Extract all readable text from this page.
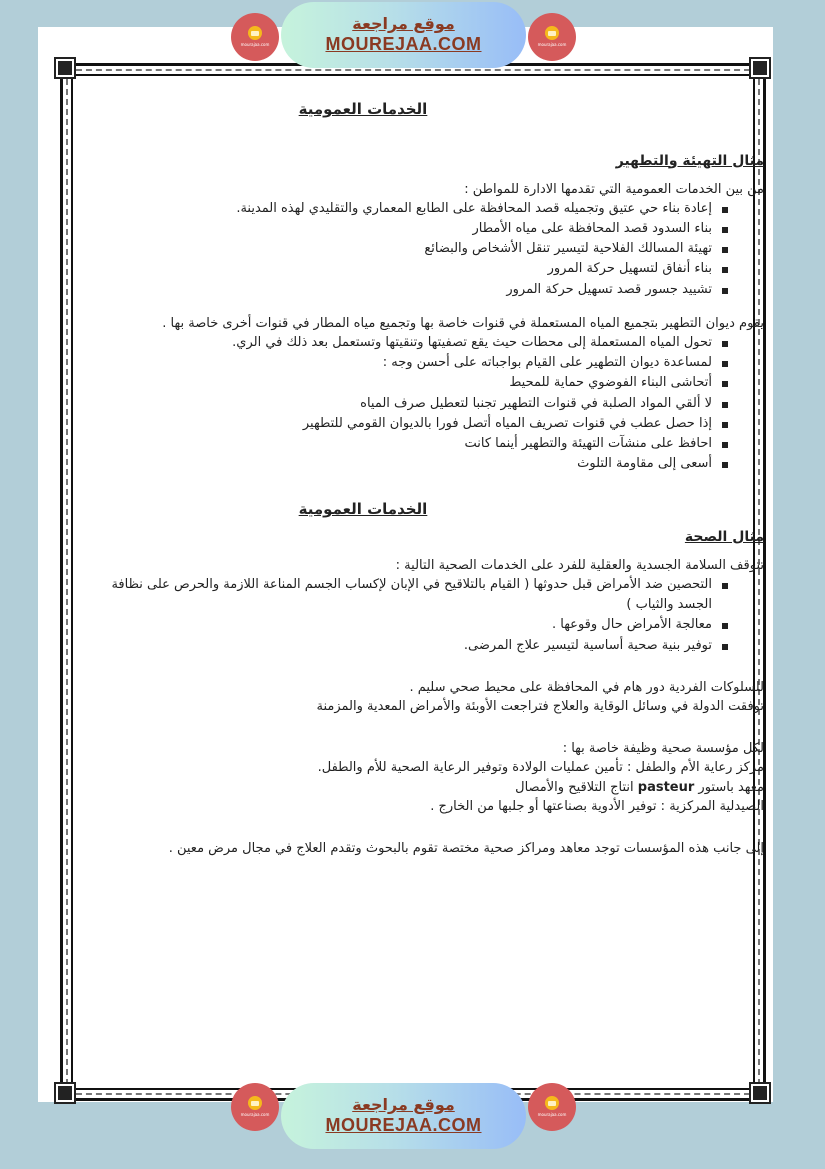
mourajaa.com
موقع مراجعة
MOUREJAA.COM	mourajaa.com
الخدمات العمومية
مثال التهيئة والتطهير

من بين الخدمات العمومية التي تقدمها الادارة للمواطن :

إعادة بناء حي عتيق وتجميله قصد المحافظة على الطابع المعماري والتقليدي لهذه المدينة.
بناء السدود قصد المحافظة على مياه الأمطار
تهيئة المسالك الفلاحية لتيسير تنقل الأشخاص والبضائع
بناء أنفاق لتسهيل حركة المرور
تشييد جسور قصد تسهيل حركة المرور

يقوم ديوان التطهير بتجميع المياه المستعملة في قنوات خاصة بها وتجميع مياه المطار في قنوات أخرى خاصة بها .

تحول المياه المستعملة إلى محطات حيث يقع تصفيتها وتنقيتها وتستعمل بعد ذلك في الري.
لمساعدة ديوان التطهير على القيام بواجباته على أحسن وجه :
أتحاشى البناء الفوضوي حماية للمحيط
لا ألقي المواد الصلبة في قنوات التطهير تجنبا لتعطيل صرف المياه
إذا حصل عطب في قنوات تصريف المياه أتصل فورا بالديوان القومي للتطهير
احافظ على منشآت التهيئة والتطهير أينما كانت
أسعى إلى مقاومة التلوث
الخدمات العمومية
مثال الصحة

تتوقف السلامة الجسدية والعقلية للفرد على الخدمات الصحية التالية :

التحصين ضد الأمراض قبل حدوثها ( القيام بالتلاقيح في الإبان لإكساب الجسم المناعة اللازمة والحرص على نظافة الجسد والثياب )
معالجة الأمراض حال وقوعها .
توفير بنية صحية أساسية لتيسير علاج المرضى.

للسلوكات الفردية دور هام في المحافظة على محيط صحي سليم .

توفقت الدولة في وسائل الوقاية والعلاج فتراجعت الأوبئة والأمراض المعدية والمزمنة

لكل مؤسسة صحية وظيفة خاصة بها :

مركز رعاية الأم والطفل : تأمين عمليات الولادة وتوفير الرعاية الصحية للأم والطفل.

معهد باستور pasteur انتاج التلاقيح والأمصال

الصيدلية المركزية : توفير الأدوية بصناعتها أو جلبها من الخارج .

إلى جانب هذه المؤسسات توجد معاهد ومراكز صحية مختصة تقوم بالبحوث وتقدم العلاج في مجال مرض معين .

mourajaa.com
موقع مراجعة
MOUREJAA.COM
mourajaa.com
